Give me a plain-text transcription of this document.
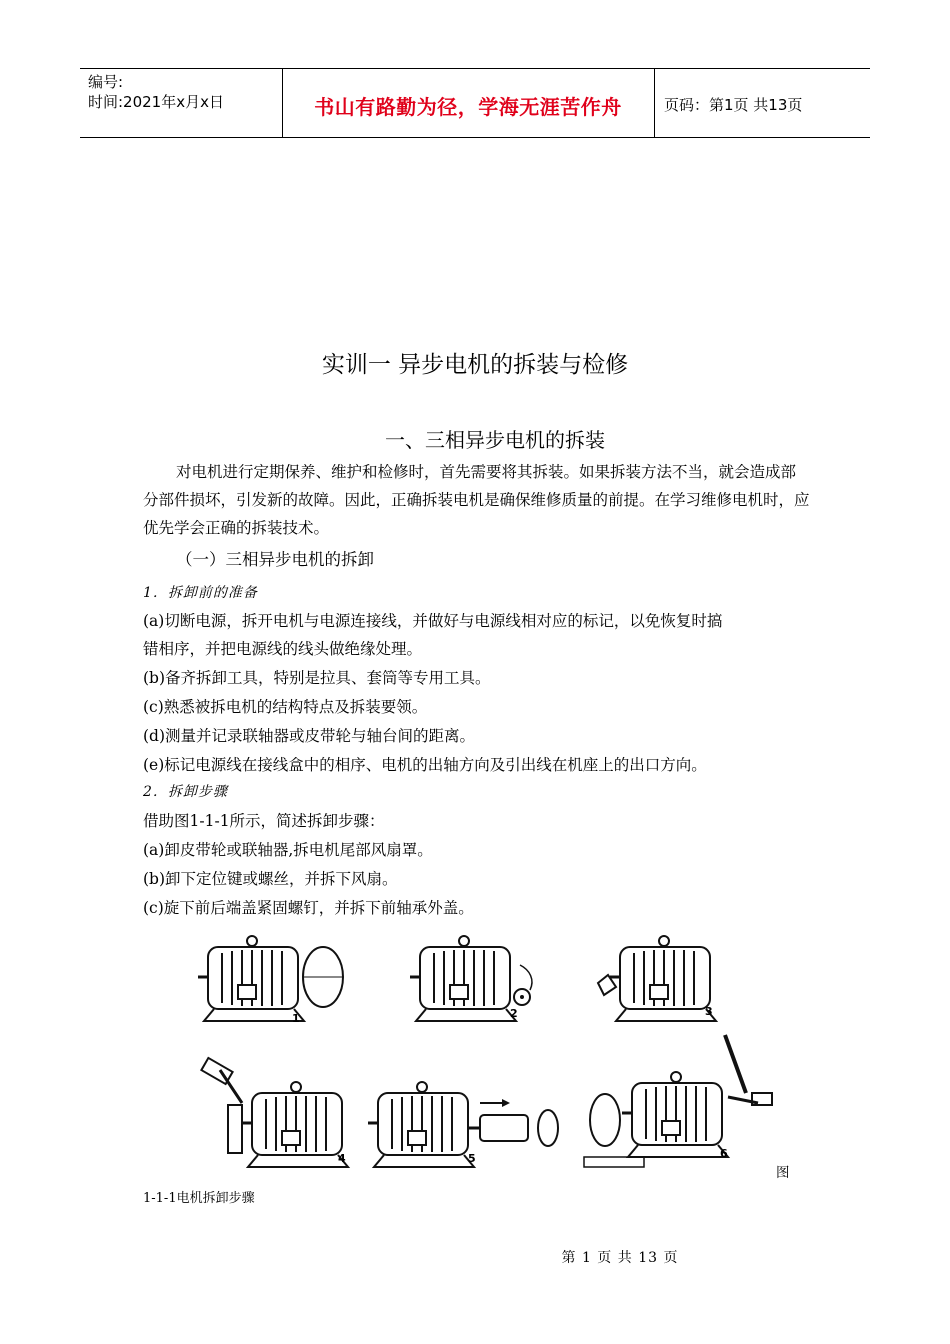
编号:
时间:2021年x月x日	书山有路勤为径，学海无涯苦作舟	页码：第1页 共13页
实训一 异步电机的拆装与检修
一、三相异步电机的拆装
对电机进行定期保养、维护和检修时，首先需要将其拆装。如果拆装方法不当，就会造成部分部件损坏，引发新的故障。因此，正确拆装电机是确保维修质量的前提。在学习维修电机时，应优先学会正确的拆装技术。
（一）三相异步电机的拆卸
1．拆卸前的准备
(a)切断电源，拆开电机与电源连接线，并做好与电源线相对应的标记，以免恢复时搞
错相序，并把电源线的线头做绝缘处理。
(b)备齐拆卸工具，特别是拉具、套筒等专用工具。
(c)熟悉被拆电机的结构特点及拆装要领。
(d)测量并记录联轴器或皮带轮与轴台间的距离。
(e)标记电源线在接线盒中的相序、电机的出轴方向及引出线在机座上的出口方向。
2．拆卸步骤
借助图1-1-1所示，简述拆卸步骤：
(a)卸皮带轮或联轴器,拆电机尾部风扇罩。
(b)卸下定位键或螺丝，并拆下风扇。
(c)旋下前后端盖紧固螺钉，并拆下前轴承外盖。
1	2	3
4	5	6
图
1-1-1电机拆卸步骤
第 1 页 共 13 页
